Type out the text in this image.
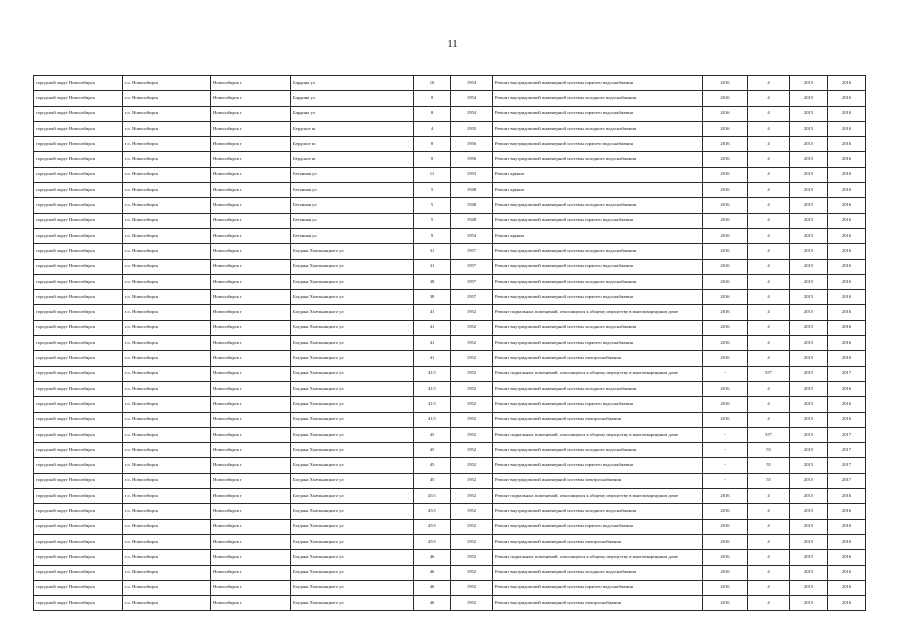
11
городской округ Новосибирск	г.о. Новосибирск	Новосибирск г	Бардина ул	10	1954	Ремонт внутридомовой инженерной системы горячего водоснабжения	2016	4	2015	2016
городской округ Новосибирск	г.о. Новосибирск	Новосибирск г	Бардина ул	8	1954	Ремонт внутридомовой инженерной системы холодного водоснабжения	2016	4	2015	2016
городской округ Новосибирск	г.о. Новосибирск	Новосибирск г	Бардина ул	8	1954	Ремонт внутридомовой инженерной системы горячего водоснабжения	2016	4	2015	2016
городской округ Новосибирск	г.о. Новосибирск	Новосибирск г	Бердское ш	4	1955	Ремонт внутридомовой инженерной системы холодного водоснабжения	2016	4	2015	2016
городской округ Новосибирск	г.о. Новосибирск	Новосибирск г	Бердское ш	8	1956	Ремонт внутридомовой инженерной системы горячего водоснабжения	2016	4	2015	2016
городской округ Новосибирск	г.о. Новосибирск	Новосибирск г	Бердское ш	8	1956	Ремонт внутридомовой инженерной системы холодного водоснабжения	2016	4	2015	2016
городской округ Новосибирск	г.о. Новосибирск	Новосибирск г	Бетонная ул	11	1953	Ремонт крыши	2016	4	2015	2016
городской округ Новосибирск	г.о. Новосибирск	Новосибирск г	Бетонная ул	5	1948	Ремонт крыши	2016	4	2015	2016
городской округ Новосибирск	г.о. Новосибирск	Новосибирск г	Бетонная ул	5	1948	Ремонт внутридомовой инженерной системы холодного водоснабжения	2016	4	2015	2016
городской округ Новосибирск	г.о. Новосибирск	Новосибирск г	Бетонная ул	5	1948	Ремонт внутридомовой инженерной системы горячего водоснабжения	2016	4	2015	2016
городской округ Новосибирск	г.о. Новосибирск	Новосибирск г	Бетонная ул	9	1954	Ремонт крыши	2016	4	2015	2016
городской округ Новосибирск	г.о. Новосибирск	Новосибирск г	Богдана Хмельницкого ул	31	1957	Ремонт внутридомовой инженерной системы холодного водоснабжения	2016	4	2015	2016
городской округ Новосибирск	г.о. Новосибирск	Новосибирск г	Богдана Хмельницкого ул	31	1957	Ремонт внутридомовой инженерной системы горячего водоснабжения	2016	4	2015	2016
городской округ Новосибирск	г.о. Новосибирск	Новосибирск г	Богдана Хмельницкого ул	38	1957	Ремонт внутридомовой инженерной системы холодного водоснабжения	2016	4	2015	2016
городской округ Новосибирск	г.о. Новосибирск	Новосибирск г	Богдана Хмельницкого ул	38	1957	Ремонт внутридомовой инженерной системы горячего водоснабжения	2016	4	2015	2016
городской округ Новосибирск	г.о. Новосибирск	Новосибирск г	Богдана Хмельницкого ул	41	1952	Ремонт подвальных помещений, относящихся к общему имуществу в многоквартирном доме	2016	4	2015	2016
городской округ Новосибирск	г.о. Новосибирск	Новосибирск г	Богдана Хмельницкого ул	41	1952	Ремонт внутридомовой инженерной системы холодного водоснабжения	2016	4	2015	2016
городской округ Новосибирск	г.о. Новосибирск	Новосибирск г	Богдана Хмельницкого ул	41	1952	Ремонт внутридомовой инженерной системы горячего водоснабжения	2016	4	2015	2016
городской округ Новосибирск	г.о. Новосибирск	Новосибирск г	Богдана Хмельницкого ул	41	1952	Ремонт внутридомовой инженерной системы электроснабжения	2016	4	2015	2016
городской округ Новосибирск	г.о. Новосибирск	Новосибирск г	Богдана Хмельницкого ул	41/1	1952	Ремонт подвальных помещений, относящихся к общему имуществу в многоквартирном доме	-	55*	2015	2017
городской округ Новосибирск	г.о. Новосибирск	Новосибирск г	Богдана Хмельницкого ул	41/1	1952	Ремонт внутридомовой инженерной системы холодного водоснабжения	2016	4	2015	2016
городской округ Новосибирск	г.о. Новосибирск	Новосибирск г	Богдана Хмельницкого ул	41/1	1952	Ремонт внутридомовой инженерной системы горячего водоснабжения	2016	4	2015	2016
городской округ Новосибирск	г.о. Новосибирск	Новосибирск г	Богдана Хмельницкого ул	41/1	1952	Ремонт внутридомовой инженерной системы электроснабжения	2016	4	2015	2016
городской округ Новосибирск	г.о. Новосибирск	Новосибирск г	Богдана Хмельницкого ул	45	1952	Ремонт подвальных помещений, относящихся к общему имуществу в многоквартирном доме	-	55*	2015	2017
городской округ Новосибирск	г.о. Новосибирск	Новосибирск г	Богдана Хмельницкого ул	45	1952	Ремонт внутридомовой инженерной системы холодного водоснабжения	-	55	2015	2017
городской округ Новосибирск	г.о. Новосибирск	Новосибирск г	Богдана Хмельницкого ул	45	1952	Ремонт внутридомовой инженерной системы горячего водоснабжения	-	55	2015	2017
городской округ Новосибирск	г.о. Новосибирск	Новосибирск г	Богдана Хмельницкого ул	45	1952	Ремонт внутридомовой инженерной системы электроснабжения	-	55	2015	2017
городской округ Новосибирск	г.о. Новосибирск	Новосибирск г	Богдана Хмельницкого ул	45/1	1952	Ремонт подвальных помещений, относящихся к общему имуществу в многоквартирном доме	2016	4	2015	2016
городской округ Новосибирск	г.о. Новосибирск	Новосибирск г	Богдана Хмельницкого ул	45/1	1952	Ремонт внутридомовой инженерной системы холодного водоснабжения	2016	4	2015	2016
городской округ Новосибирск	г.о. Новосибирск	Новосибирск г	Богдана Хмельницкого ул	45/1	1952	Ремонт внутридомовой инженерной системы горячего водоснабжения	2016	4	2015	2016
городской округ Новосибирск	г.о. Новосибирск	Новосибирск г	Богдана Хмельницкого ул	45/1	1952	Ремонт внутридомовой инженерной системы электроснабжения	2016	4	2015	2016
городской округ Новосибирск	г.о. Новосибирск	Новосибирск г	Богдана Хмельницкого ул	46	1952	Ремонт подвальных помещений, относящихся к общему имуществу в многоквартирном доме	2016	4	2015	2016
городской округ Новосибирск	г.о. Новосибирск	Новосибирск г	Богдана Хмельницкого ул	46	1952	Ремонт внутридомовой инженерной системы холодного водоснабжения	2016	4	2015	2016
городской округ Новосибирск	г.о. Новосибирск	Новосибирск г	Богдана Хмельницкого ул	46	1952	Ремонт внутридомовой инженерной системы горячего водоснабжения	2016	4	2015	2016
городской округ Новосибирск	г.о. Новосибирск	Новосибирск г	Богдана Хмельницкого ул	46	1952	Ремонт внутридомовой инженерной системы электроснабжения	2016	4	2015	2016
